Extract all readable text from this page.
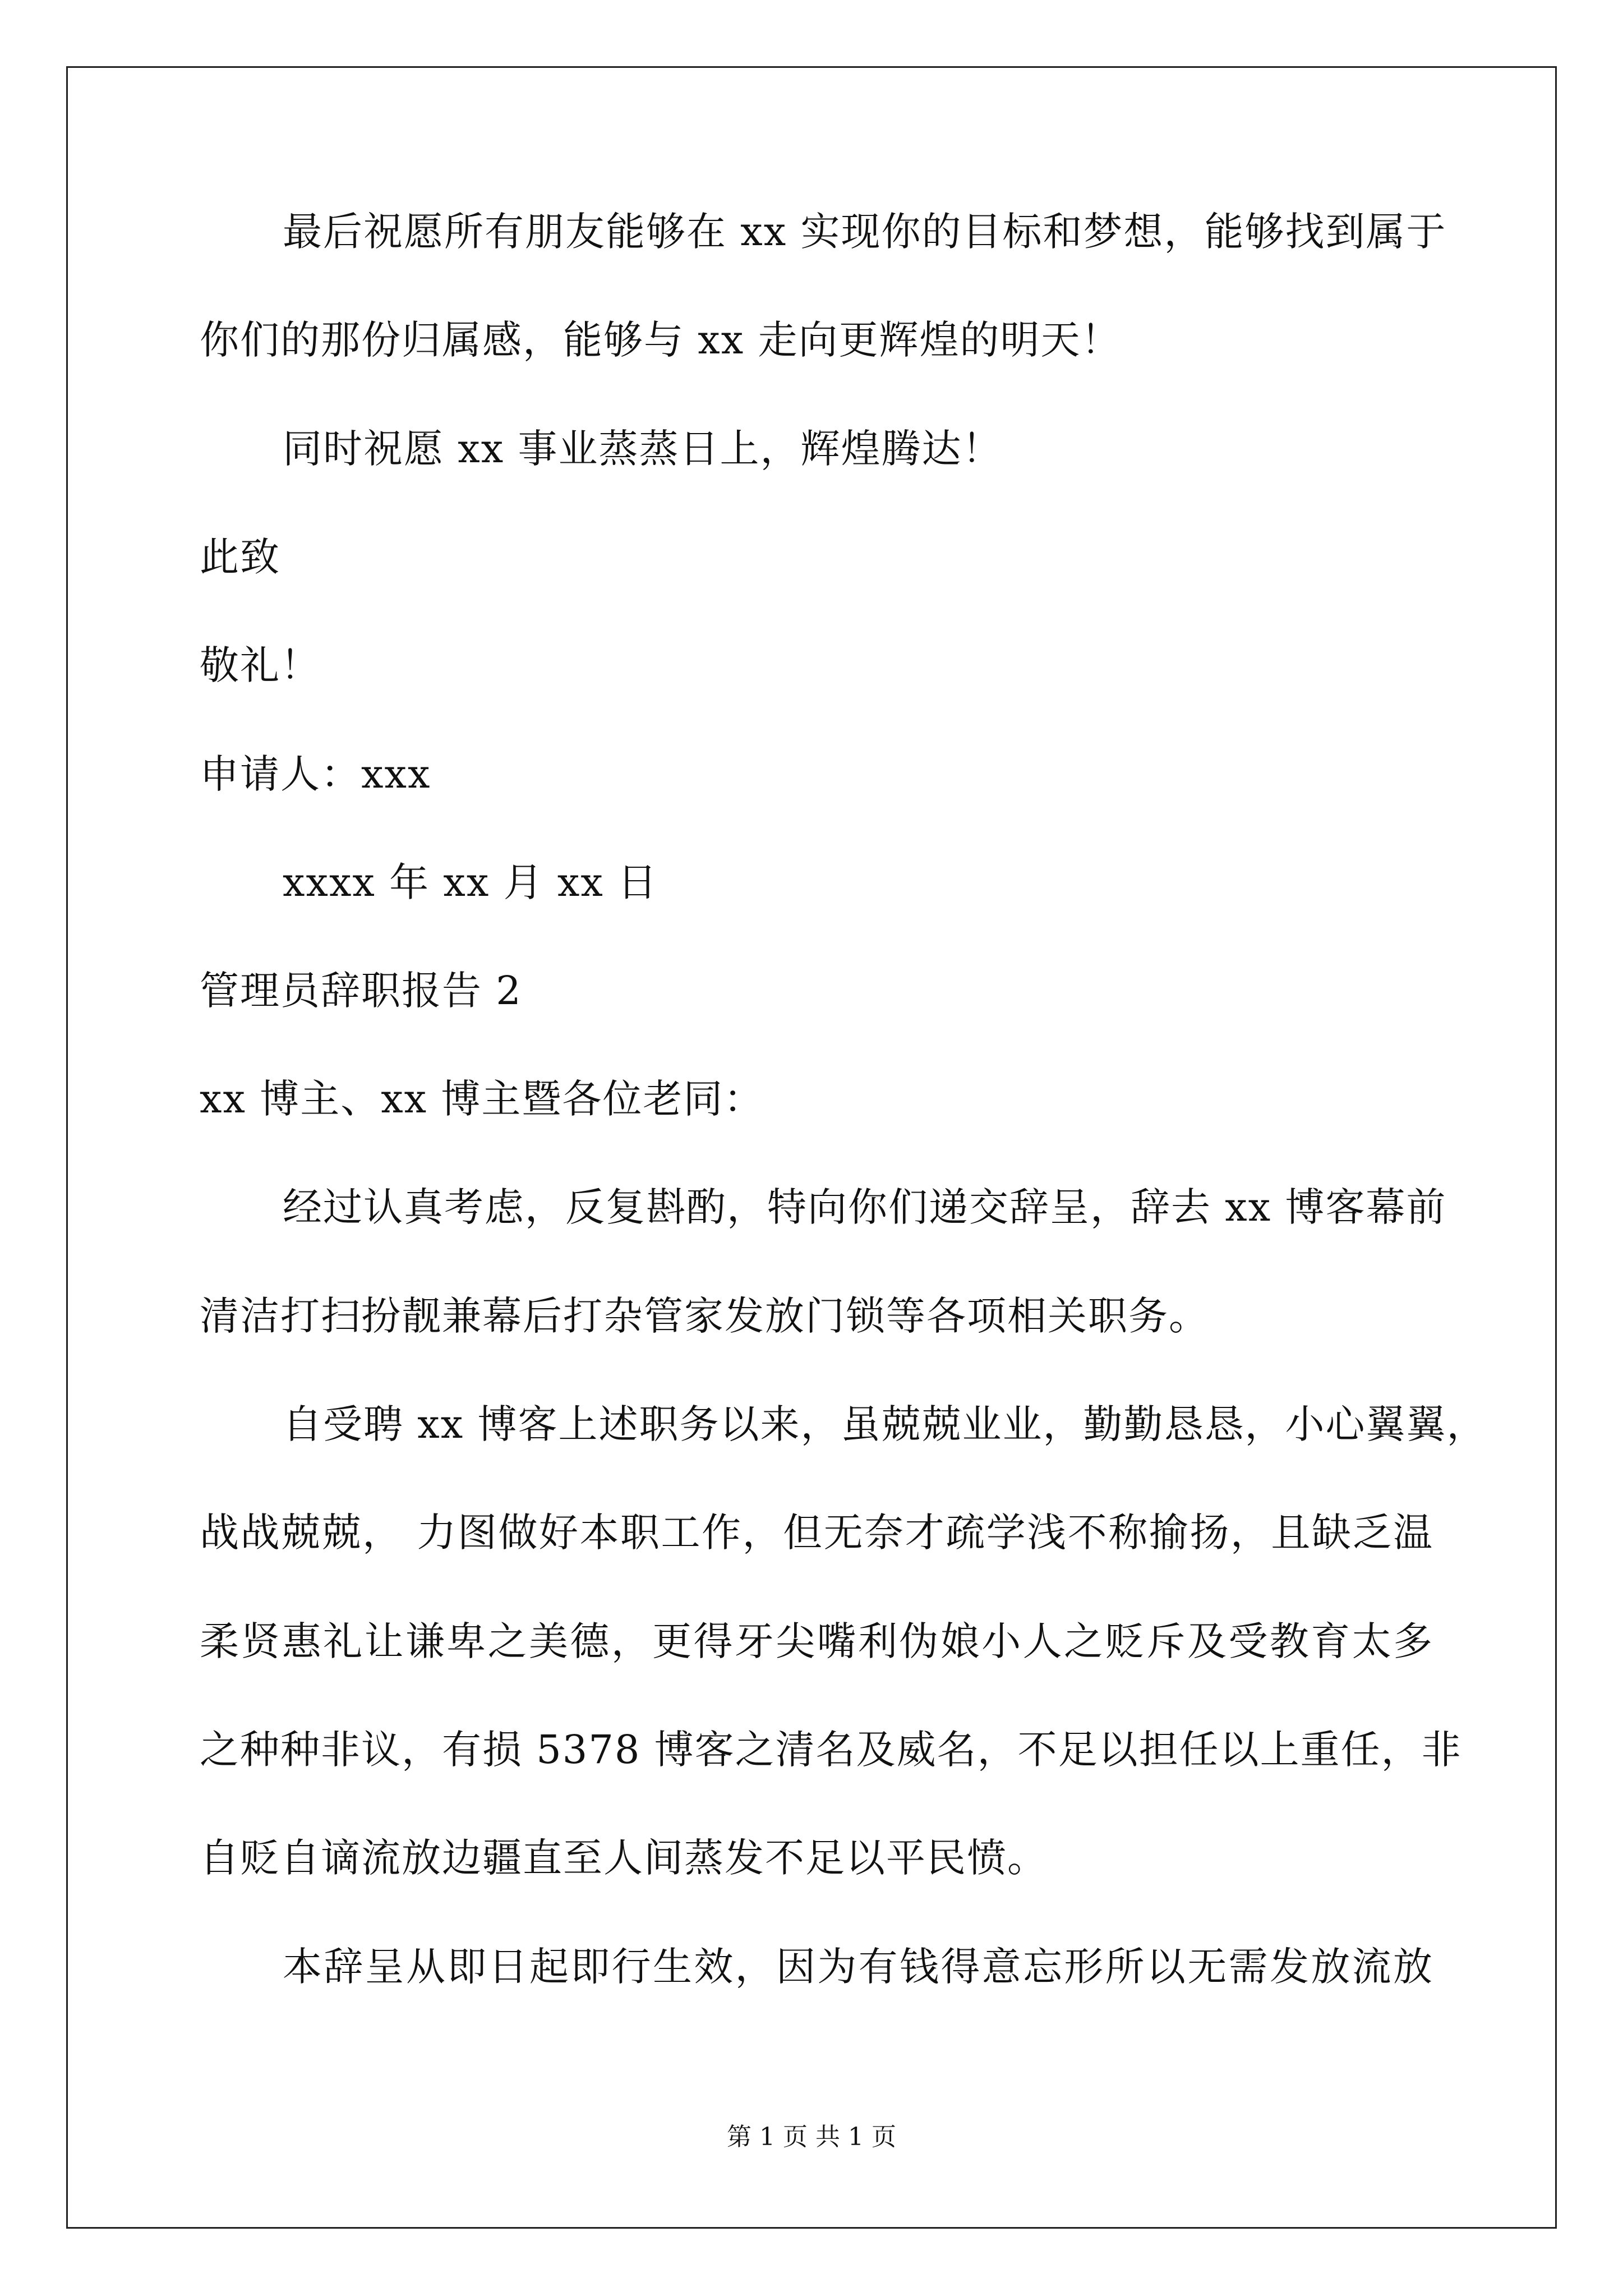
最后祝愿所有朋友能够在 xx 实现你的目标和梦想，能够找到属于
你们的那份归属感，能够与 xx 走向更辉煌的明天！
同时祝愿 xx 事业蒸蒸日上，辉煌腾达！
此致
敬礼！
申请人：xxx
xxxx 年 xx 月 xx 日
管理员辞职报告 2
xx 博主、xx 博主暨各位老同：
经过认真考虑，反复斟酌，特向你们递交辞呈，辞去 xx 博客幕前
清洁打扫扮靓兼幕后打杂管家发放门锁等各项相关职务。
自受聘 xx 博客上述职务以来，虽兢兢业业，勤勤恳恳，小心翼翼，
战战兢兢， 力图做好本职工作，但无奈才疏学浅不称揄扬，且缺乏温
柔贤惠礼让谦卑之美德，更得牙尖嘴利伪娘小人之贬斥及受教育太多
之种种非议，有损 5378 博客之清名及威名，不足以担任以上重任，非
自贬自谪流放边疆直至人间蒸发不足以平民愤。
本辞呈从即日起即行生效，因为有钱得意忘形所以无需发放流放
第 1 页 共 1 页
